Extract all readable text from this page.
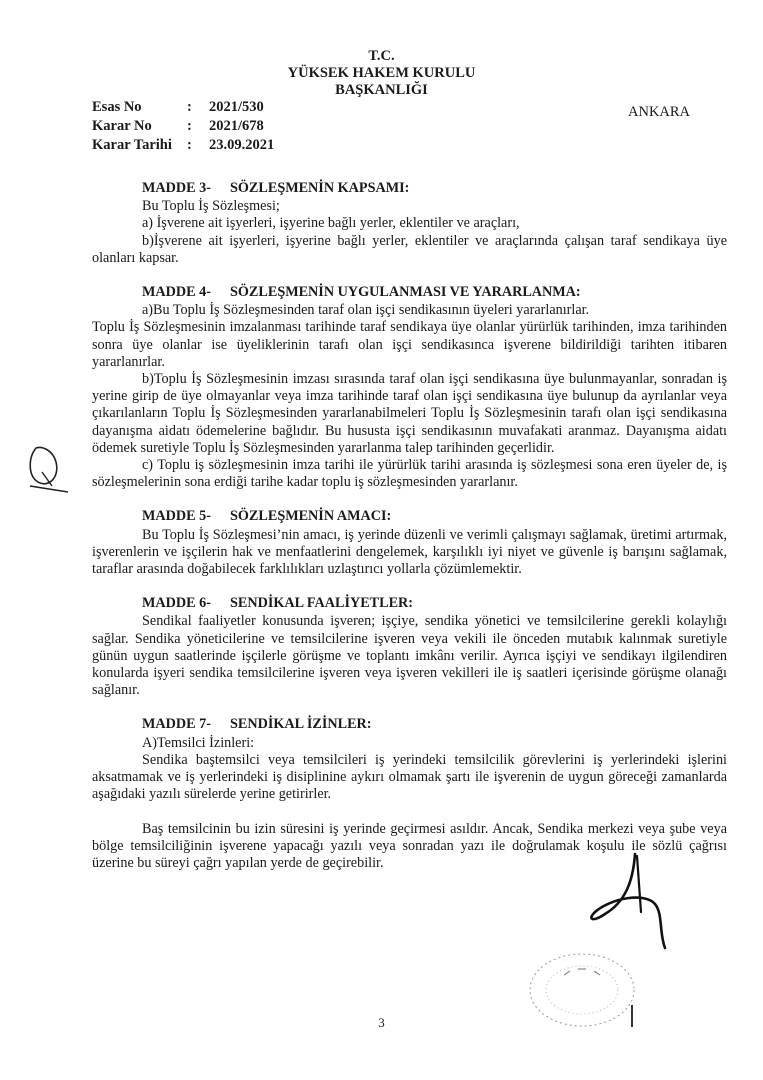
T.C.
YÜKSEK HAKEM KURULU
BAŞKANLIĞI
Esas No	:	2021/530
Karar No	:	2021/678
Karar Tarihi	:	23.09.2021
ANKARA
MADDE 3- SÖZLEŞMENİN KAPSAMI:
Bu Toplu İş Sözleşmesi;
a) İşverene ait işyerleri, işyerine bağlı yerler, eklentiler ve araçları,
b)İşverene ait işyerleri, işyerine bağlı yerler, eklentiler ve araçlarında çalışan taraf sendikaya üye olanları kapsar.
MADDE 4- SÖZLEŞMENİN UYGULANMASI VE YARARLANMA:
a)Bu Toplu İş Sözleşmesinden taraf olan işçi sendikasının üyeleri yararlanırlar.
Toplu İş Sözleşmesinin imzalanması tarihinde taraf sendikaya üye olanlar yürürlük tarihinden, imza tarihinden sonra üye olanlar ise üyeliklerinin tarafı olan işçi sendikasınca işverene bildirildiği tarihten itibaren yararlanırlar.
b)Toplu İş Sözleşmesinin imzası sırasında taraf olan işçi sendikasına üye bulunmayanlar, sonradan iş yerine girip de üye olmayanlar veya imza tarihinde taraf olan işçi sendikasına üye bulunup da ayrılanlar veya çıkarılanların Toplu İş Sözleşmesinden yararlanabilmeleri Toplu İş Sözleşmesinin tarafı olan işçi sendikasına dayanışma aidatı ödemelerine bağlıdır. Bu hususta işçi sendikasının muvafakati aranmaz. Dayanışma aidatı ödemek suretiyle Toplu İş Sözleşmesinden yararlanma talep tarihinden geçerlidir.
c) Toplu iş sözleşmesinin imza tarihi ile yürürlük tarihi arasında iş sözleşmesi sona eren üyeler de, iş sözleşmelerinin sona erdiği tarihe kadar toplu iş sözleşmesinden yararlanır.
MADDE 5- SÖZLEŞMENİN AMACI:
Bu Toplu İş Sözleşmesi’nin amacı, iş yerinde düzenli ve verimli çalışmayı sağlamak, üretimi artırmak, işverenlerin ve işçilerin hak ve menfaatlerini dengelemek, karşılıklı iyi niyet ve güvenle iş barışını sağlamak, taraflar arasında doğabilecek farklılıkları uzlaştırıcı yollarla çözümlemektir.
MADDE 6- SENDİKAL FAALİYETLER:
Sendikal faaliyetler konusunda işveren; işçiye, sendika yönetici ve temsilcilerine gerekli kolaylığı sağlar. Sendika yöneticilerine ve temsilcilerine işveren veya vekili ile önceden mutabık kalınmak suretiyle günün uygun saatlerinde işçilerle görüşme ve toplantı imkânı verilir. Ayrıca işçiyi ve sendikayı ilgilendiren konularda işyeri sendika temsilcilerine işveren veya işveren vekilleri ile iş saatleri içerisinde görüşme olanağı sağlanır.
MADDE 7- SENDİKAL İZİNLER:
A)Temsilci İzinleri:
Sendika baştemsilci veya temsilcileri iş yerindeki temsilcilik görevlerini iş yerlerindeki işlerini aksatmamak ve iş yerlerindeki iş disiplinine aykırı olmamak şartı ile işverenin de uygun göreceği zamanlarda aşağıdaki yazılı sürelerde yerine getirirler.
Baş temsilcinin bu izin süresini iş yerinde geçirmesi asıldır. Ancak, Sendika merkezi veya şube veya bölge temsilciliğinin işverene yapacağı yazılı veya sonradan yazı ile doğrulamak koşulu ile sözlü çağrısı üzerine bu süreyi çağrı yapılan yerde de geçirebilir.
3
